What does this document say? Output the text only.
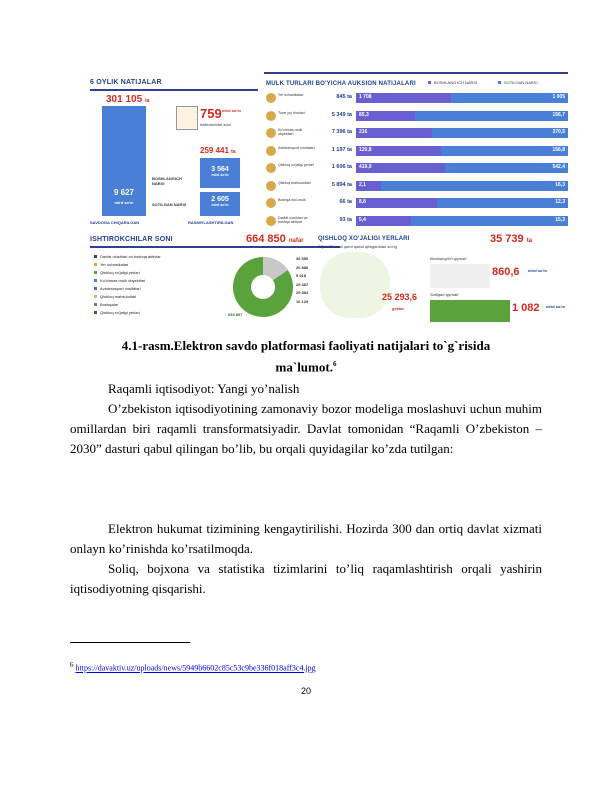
6 OYLIK NATIJALAR
301 105 ta
9 627
mlrd so'm
759 mlrd so'm
ishtirokchilar soni
259 441 ta
BOSHLANGICH NARXI
SOTILGAN NARXI
3 564
mlrd so'm
2 605
mlrd so'm
SAVDOGA CHIQARILGAN	RASMIYLASHTIRILGAN
MULK TURLARI BO'YICHA AUKSION NATIJALARI	BOSHLANG'ICH NARXI	SOTILGAN NARXI
Yer uchastkalari	845 ta 1 708	1 005
Turar joy binolari	5 349 ta 85,3	156,7
Ko'chmas mulk obyektlari	7 396 ta 216	370,5
Avtotransport vositalari	1 197 ta 120,8	156,8
Qishloq xo'jaligi yerlari	1 606 ta 419,9	542,4
Qishloq mahsulotlari	5 894 ta 2,1	16,3
Boshqa mol-mulk	66 ta 8,8	12,3
Davlat ulushlari va boshqa aktivlar	93 ta 5,4	15,3
ISHTIROKCHILAR SONI	664 850 nafar
Davlat ulushlari va boshqa aktivlar
Yer uchastkalari
Qishloq xo'jaligi yerlari
Ko'chmas mulk obyektlari
Avtotransport vositalari
Qishloq mahsulotlari
Boshqalar
Qishloq xo'jaligi yerlari
36 550
26 880
5 018
29 487
29 884
10 129
653 897
QISHLOQ XO'JALIGI YERLARI
PQ-1 37-sonli qaror qabul qilinganidan so'ng
35 739 ta
25 293,6
gektar
Boshlang'ich qiymati
860,6 mlrd so'm
Sotilgan qiymati
1 082 mlrd so'm
4.1-rasm.Elektron savdo platformasi faoliyati natijalari to`g`risida
ma`lumot.$^6$
Raqamli iqtisodiyot: Yangi yo’nalish
O’zbekiston iqtisodiyotining zamonaviy bozor modeliga moslashuvi uchun muhim omillardan biri raqamli transformatsiyadir. Davlat tomonidan “Raqamli O’zbekiston – 2030” dasturi qabul qilingan bo’lib, bu orqali quyidagilar ko’zda tutilgan:
Elektron hukumat tizimining kengaytirilishi. Hozirda 300 dan ortiq davlat xizmati onlayn ko’rinishda ko’rsatilmoqda.
Soliq, bojxona va statistika tizimlarini to’liq raqamlashtirish orqali yashirin iqtisodiyotning qisqarishi.
$^6$ https://davaktiv.uz/uploads/news/5949b6602c85c53c9be336f018aff3c4.jpg
20
